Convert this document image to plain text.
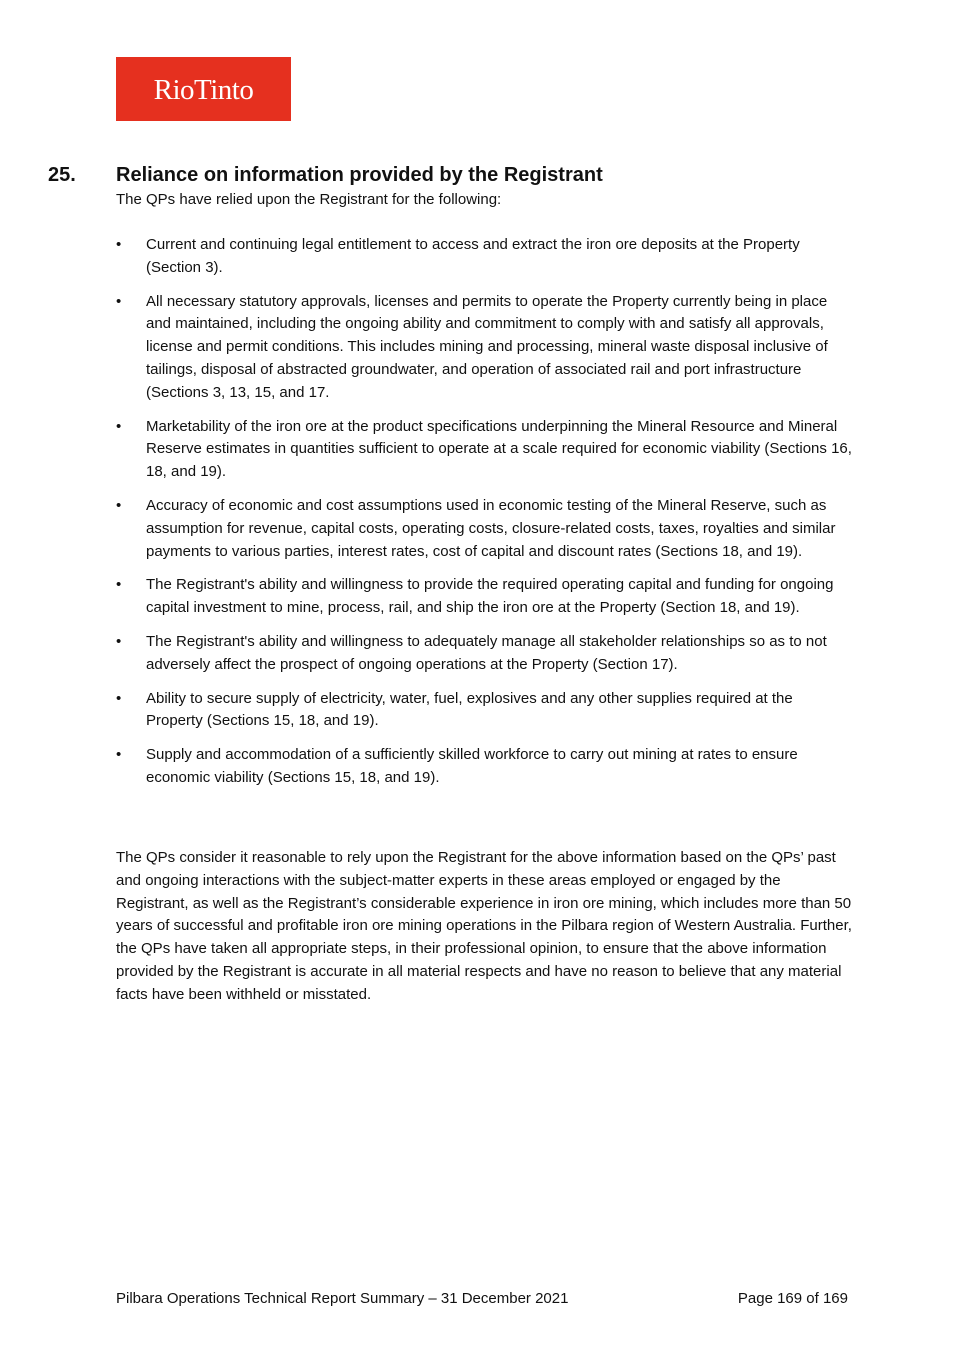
RioTinto
25. Reliance on information provided by the Registrant
The QPs have relied upon the Registrant for the following:
• Current and continuing legal entitlement to access and extract the iron ore deposits at the Property (Section 3).
• All necessary statutory approvals, licenses and permits to operate the Property currently being in place and maintained, including the ongoing ability and commitment to comply with and satisfy all approvals, license and permit conditions. This includes mining and processing, mineral waste disposal inclusive of tailings, disposal of abstracted groundwater, and operation of associated rail and port infrastructure (Sections 3, 13, 15, and 17.
• Marketability of the iron ore at the product specifications underpinning the Mineral Resource and Mineral Reserve estimates in quantities sufficient to operate at a scale required for economic viability (Sections 16, 18, and 19).
• Accuracy of economic and cost assumptions used in economic testing of the Mineral Reserve, such as assumption for revenue, capital costs, operating costs, closure-related costs, taxes, royalties and similar payments to various parties, interest rates, cost of capital and discount rates (Sections 18, and 19).
• The Registrant's ability and willingness to provide the required operating capital and funding for ongoing capital investment to mine, process, rail, and ship the iron ore at the Property (Section 18, and 19).
• The Registrant's ability and willingness to adequately manage all stakeholder relationships so as to not adversely affect the prospect of ongoing operations at the Property (Section 17).
• Ability to secure supply of electricity, water, fuel, explosives and any other supplies required at the Property (Sections 15, 18, and 19).
• Supply and accommodation of a sufficiently skilled workforce to carry out mining at rates to ensure economic viability (Sections 15, 18, and 19).

The QPs consider it reasonable to rely upon the Registrant for the above information based on the QPs’ past and ongoing interactions with the subject-matter experts in these areas employed or engaged by the Registrant, as well as the Registrant’s considerable experience in iron ore mining, which includes more than 50 years of successful and profitable iron ore mining operations in the Pilbara region of Western Australia. Further, the QPs have taken all appropriate steps, in their professional opinion, to ensure that the above information provided by the Registrant is accurate in all material respects and have no reason to believe that any material facts have been withheld or misstated.

Pilbara Operations Technical Report Summary – 31 December 2021	Page 169 of 169
